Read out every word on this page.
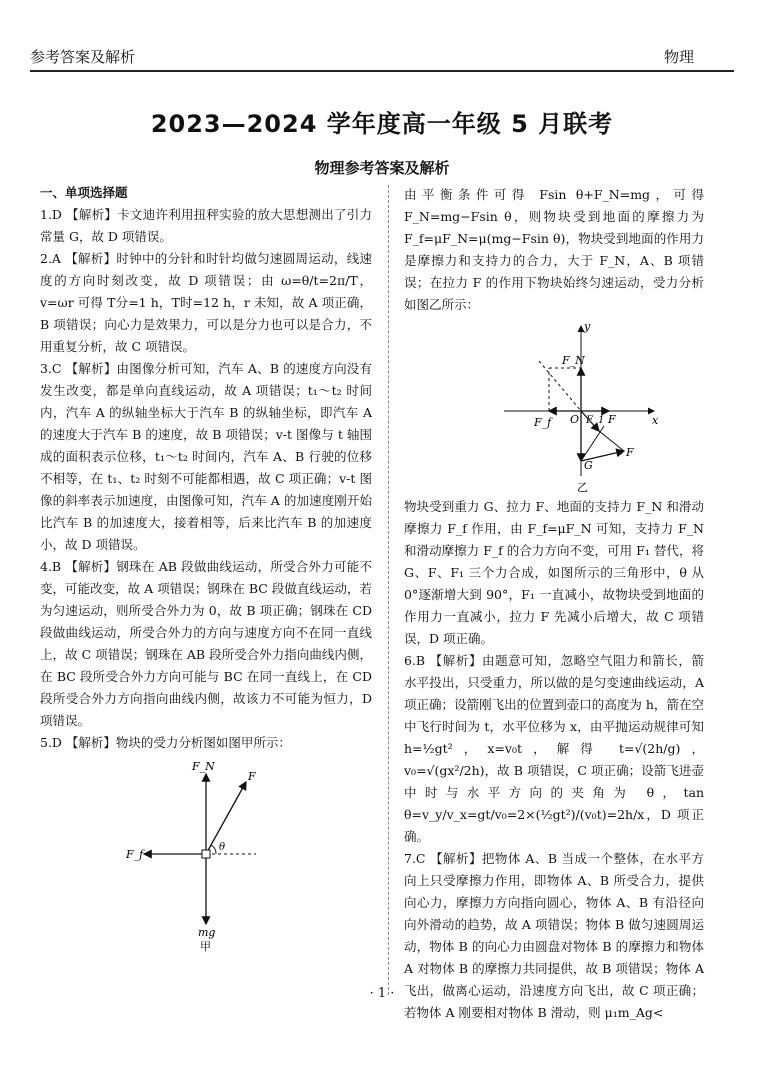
参考答案及解析	物理
2023—2024 学年度高一年级 5 月联考
物理参考答案及解析

一、单项选择题

1.D 【解析】卡文迪许利用扭秤实验的放大思想测出了引力常量 G，故 D 项错误。

2.A 【解析】时钟中的分针和时针均做匀速圆周运动，线速度的方向时刻改变，故 D 项错误；由 ω=θ/t=2π/T，v=ωr 可得 T分=1 h，T时=12 h，r 未知，故 A 项正确，B 项错误；向心力是效果力，可以是分力也可以是合力，不用重复分析，故 C 项错误。

3.C 【解析】由图像分析可知，汽车 A、B 的速度方向没有发生改变，都是单向直线运动，故 A 项错误；t₁～t₂ 时间内，汽车 A 的纵轴坐标大于汽车 B 的纵轴坐标，即汽车 A 的速度大于汽车 B 的速度，故 B 项错误；v-t 图像与 t 轴围成的面积表示位移，t₁～t₂ 时间内，汽车 A、B 行驶的位移不相等，在 t₁、t₂ 时刻不可能都相遇，故 C 项正确；v-t 图像的斜率表示加速度，由图像可知，汽车 A 的加速度刚开始比汽车 B 的加速度大，接着相等，后来比汽车 B 的加速度小，故 D 项错误。

4.B 【解析】钢珠在 AB 段做曲线运动，所受合外力可能不变，可能改变，故 A 项错误；钢珠在 BC 段做直线运动，若为匀速运动，则所受合外力为 0，故 B 项正确；钢珠在 CD 段做曲线运动，所受合外力的方向与速度方向不在同一直线上，故 C 项错误；钢珠在 AB 段所受合外力指向曲线内侧，在 BC 段所受合外力方向可能与 BC 在同一直线上，在 CD 段所受合外力方向指向曲线内侧，故该力不可能为恒力，D 项错误。

5.D 【解析】物块的受力分析图如图甲所示：

F_N
F
F_f
θ
mg
甲

由平衡条件可得 Fsin θ+F_N=mg，可得 F_N=mg−Fsin θ，则物块受到地面的摩擦力为 F_f=μF_N=μ(mg−Fsin θ)，物块受到地面的作用力是摩擦力和支持力的合力，大于 F_N，A、B 项错误；在拉力 F 的作用下物块始终匀速运动，受力分析如图乙所示：

y
F_N
F_f O F_1 F	x
G
F
乙

物块受到重力 G、拉力 F、地面的支持力 F_N 和滑动摩擦力 F_f 作用，由 F_f=μF_N 可知，支持力 F_N 和滑动摩擦力 F_f 的合力方向不变，可用 F₁ 替代，将 G、F、F₁ 三个力合成，如图所示的三角形中，θ 从 0°逐渐增大到 90°，F₁ 一直减小，故物块受到地面的作用力一直减小，拉力 F 先减小后增大，故 C 项错误，D 项正确。

6.B 【解析】由题意可知，忽略空气阻力和箭长，箭水平投出，只受重力，所以做的是匀变速曲线运动，A 项正确；设箭刚飞出的位置到壶口的高度为 h，箭在空中飞行时间为 t，水平位移为 x，由平抛运动规律可知 h=½gt²，x=v₀t，解得 t=√(2h/g)，v₀=√(gx²/2h)，故 B 项错误，C 项正确；设箭飞进壶中时与水平方向的夹角为 θ，tan θ=v_y/v_x=gt/v₀=2×(½gt²)/(v₀t)=2h/x，D 项正确。

7.C 【解析】把物体 A、B 当成一个整体，在水平方向上只受摩擦力作用，即物体 A、B 所受合力，提供向心力，摩擦力方向指向圆心，物体 A、B 有沿径向向外滑动的趋势，故 A 项错误；物体 B 做匀速圆周运动，物体 B 的向心力由圆盘对物体 B 的摩擦力和物体 A 对物体 B 的摩擦力共同提供，故 B 项错误；物体 A 飞出，做离心运动，沿速度方向飞出，故 C 项正确；若物体 A 刚要相对物体 B 滑动，则 μ₁m_Ag<

· 1 ·
